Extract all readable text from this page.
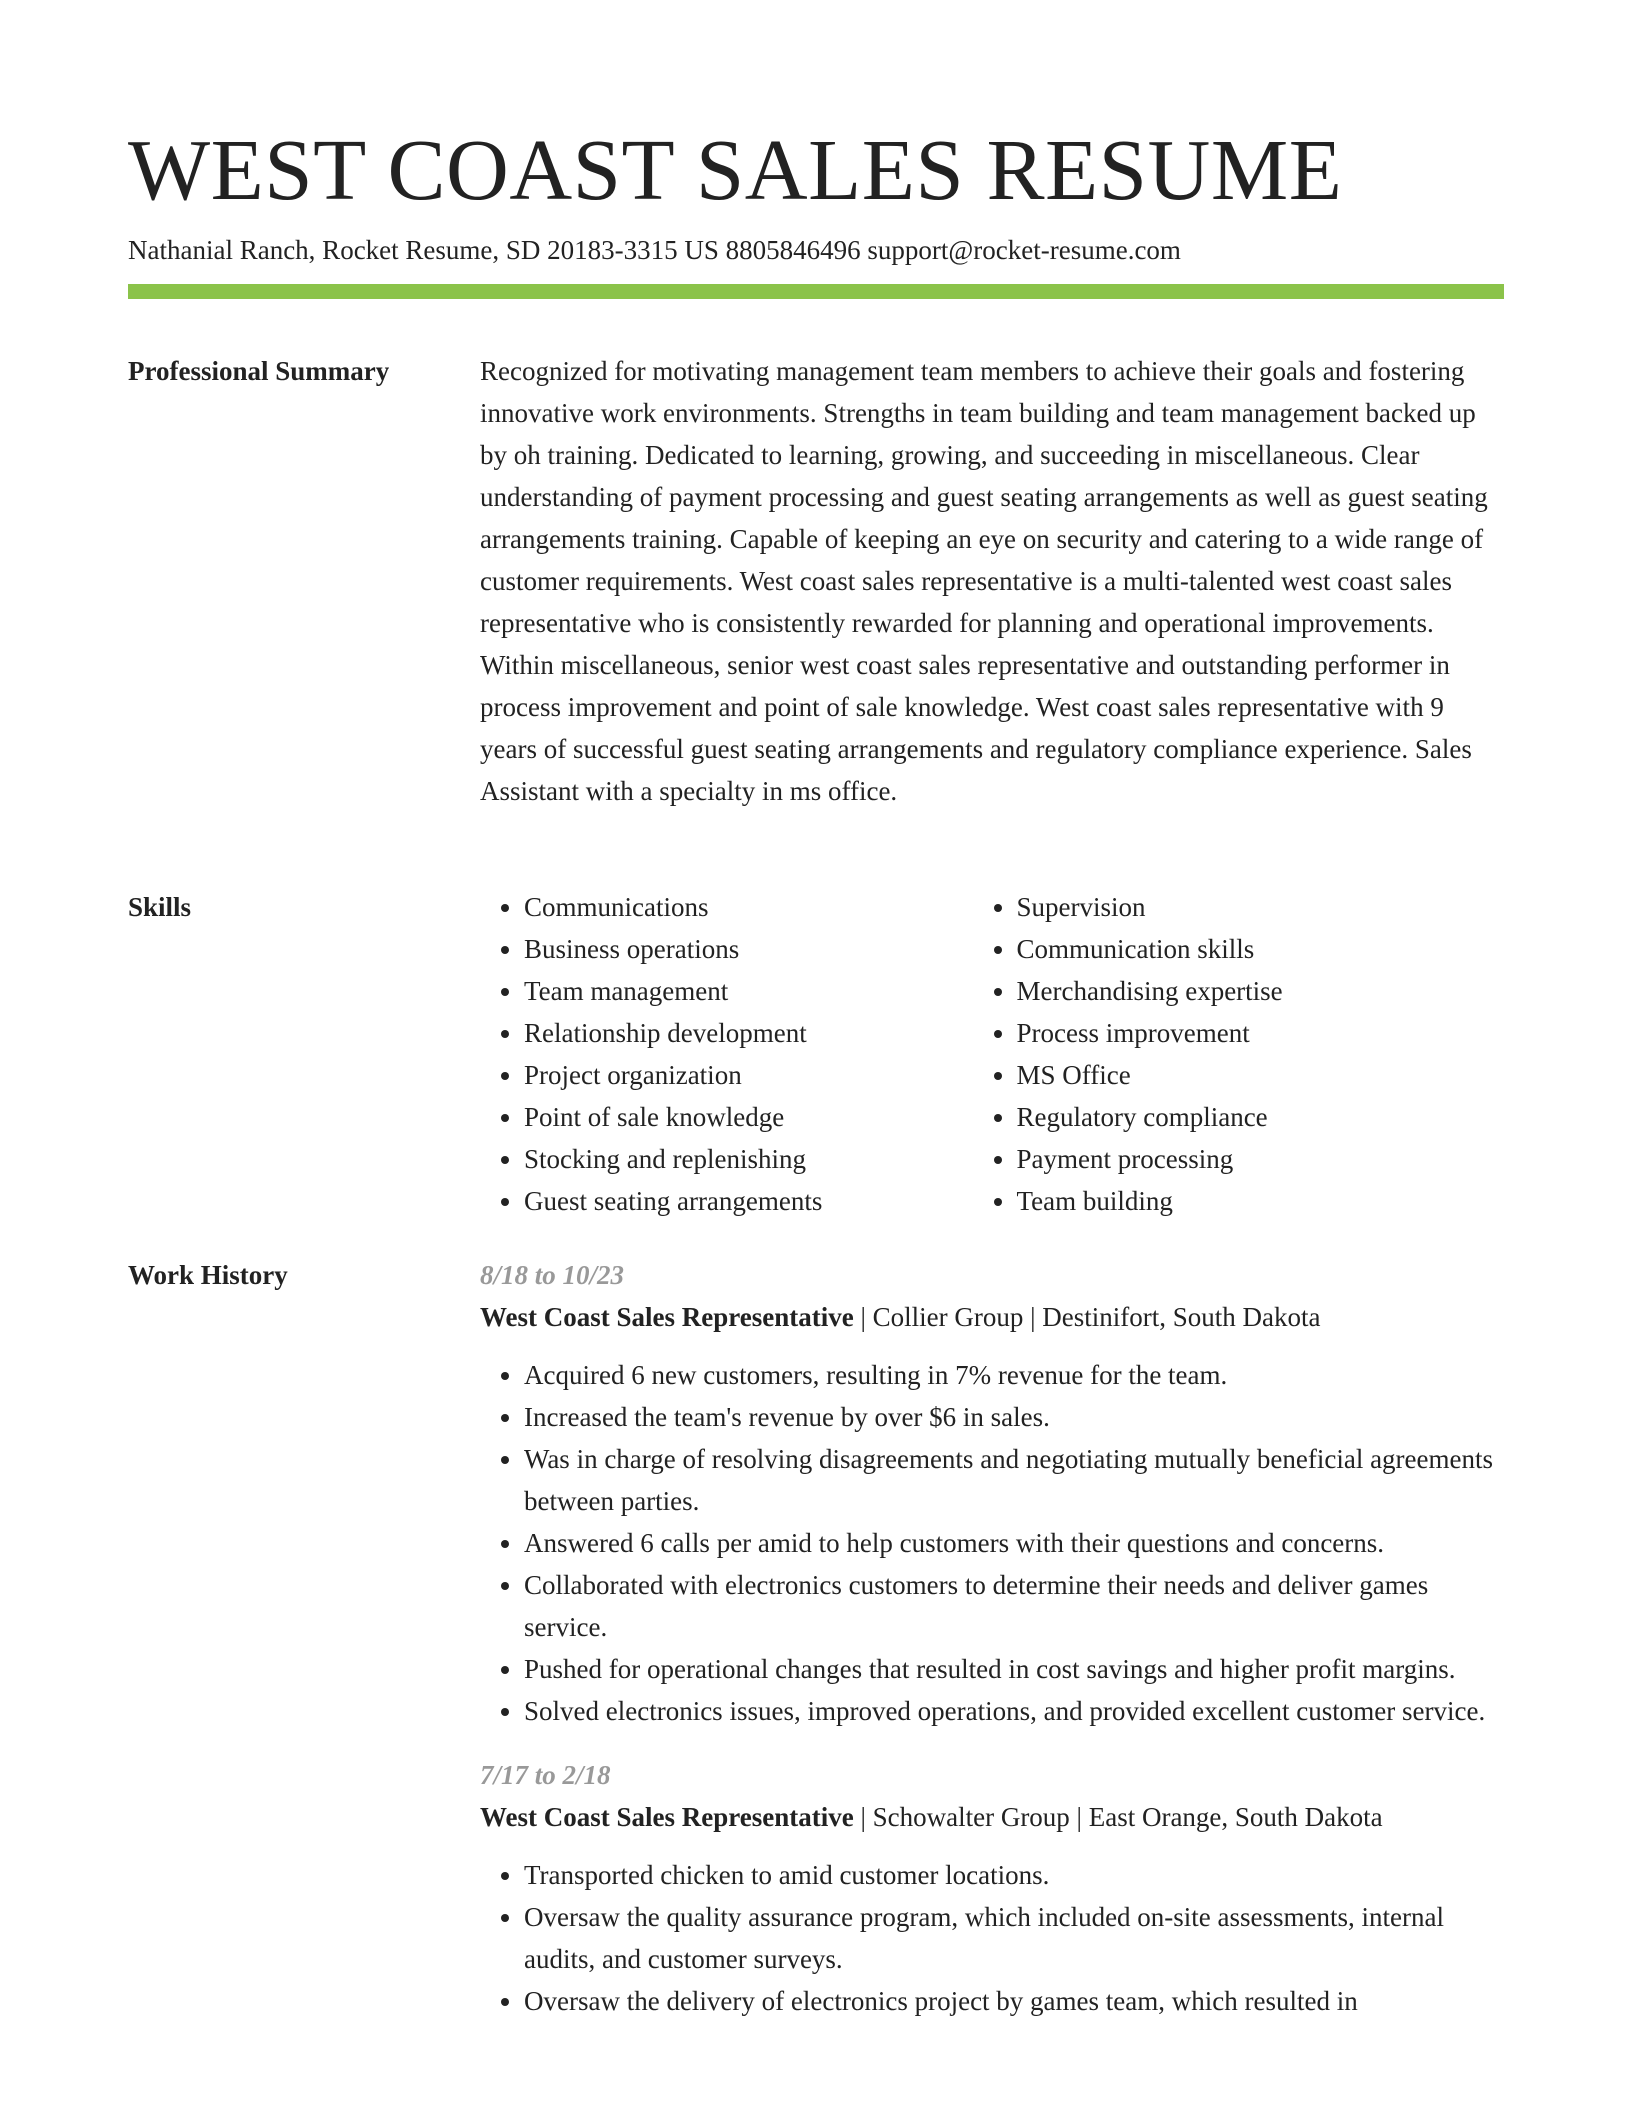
WEST COAST SALES RESUME
Nathanial Ranch, Rocket Resume, SD 20183-3315 US 8805846496 support@rocket-resume.com
Professional Summary	Recognized for motivating management team members to achieve their goals and fostering innovative work environments. Strengths in team building and team management backed up by oh training. Dedicated to learning, growing, and succeeding in miscellaneous. Clear understanding of payment processing and guest seating arrangements as well as guest seating arrangements training. Capable of keeping an eye on security and catering to a wide range of customer requirements. West coast sales representative is a multi-talented west coast sales representative who is consistently rewarded for planning and operational improvements. Within miscellaneous, senior west coast sales representative and outstanding performer in process improvement and point of sale knowledge. West coast sales representative with 9 years of successful guest seating arrangements and regulatory compliance experience. Sales Assistant with a specialty in ms office.

Skills
•	Communications
• Business operations
• Team management
• Relationship development
• Project organization
• Point of sale knowledge
• Stocking and replenishing
• Guest seating arrangements
• Supervision
• Communication skills
• Merchandising expertise
• Process improvement
• MS Office
• Regulatory compliance
• Payment processing
• Team building
Work History	8/18 to 10/23
West Coast Sales Representative | Collier Group | Destinifort, South Dakota
• Acquired 6 new customers, resulting in 7% revenue for the team.
• Increased the team's revenue by over $6 in sales.
• Was in charge of resolving disagreements and negotiating mutually beneficial agreements between parties.
• Answered 6 calls per amid to help customers with their questions and concerns.
• Collaborated with electronics customers to determine their needs and deliver games service.
• Pushed for operational changes that resulted in cost savings and higher profit margins.
• Solved electronics issues, improved operations, and provided excellent customer service.
7/17 to 2/18
West Coast Sales Representative | Schowalter Group | East Orange, South Dakota
• Transported chicken to amid customer locations.
• Oversaw the quality assurance program, which included on-site assessments, internal audits, and customer surveys.
• Oversaw the delivery of electronics project by games team, which resulted in
